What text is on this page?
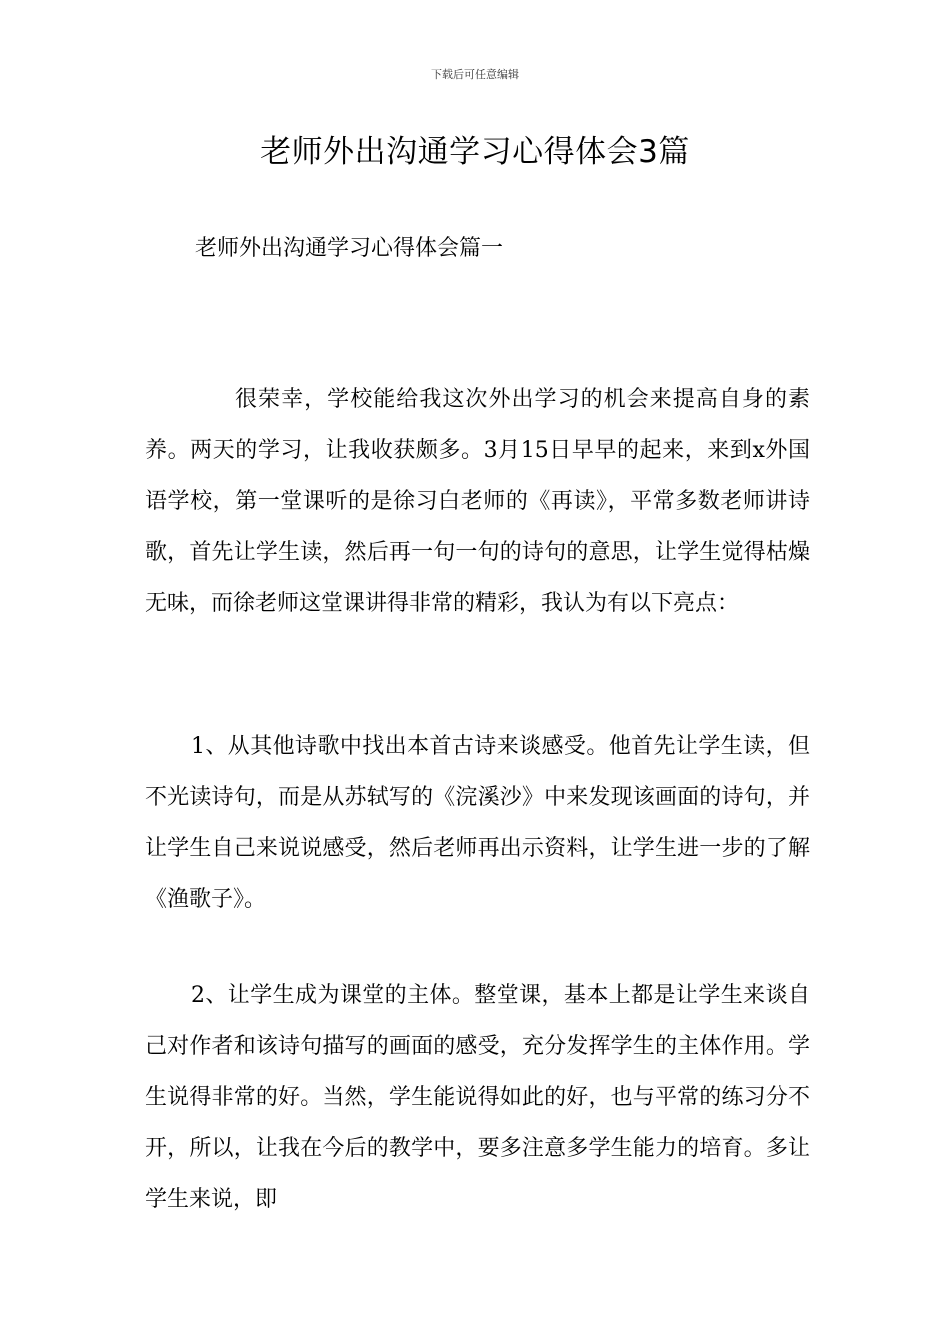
下载后可任意编辑
老师外出沟通学习心得体会3篇
老师外出沟通学习心得体会篇一

很荣幸，学校能给我这次外出学习的机会来提高自身的素养。两天的学习，让我收获颇多。3月15日早早的起来，来到x外国语学校，第一堂课听的是徐习白老师的《再读》，平常多数老师讲诗歌，首先让学生读，然后再一句一句的诗句的意思，让学生觉得枯燥无味，而徐老师这堂课讲得非常的精彩，我认为有以下亮点：

1、从其他诗歌中找出本首古诗来谈感受。他首先让学生读，但不光读诗句，而是从苏轼写的《浣溪沙》中来发现该画面的诗句，并让学生自己来说说感受，然后老师再出示资料，让学生进一步的了解《渔歌子》。

2、让学生成为课堂的主体。整堂课，基本上都是让学生来谈自己对作者和该诗句描写的画面的感受，充分发挥学生的主体作用。学生说得非常的好。当然，学生能说得如此的好，也与平常的练习分不开，所以，让我在今后的教学中，要多注意多学生能力的培育。多让学生来说，即
